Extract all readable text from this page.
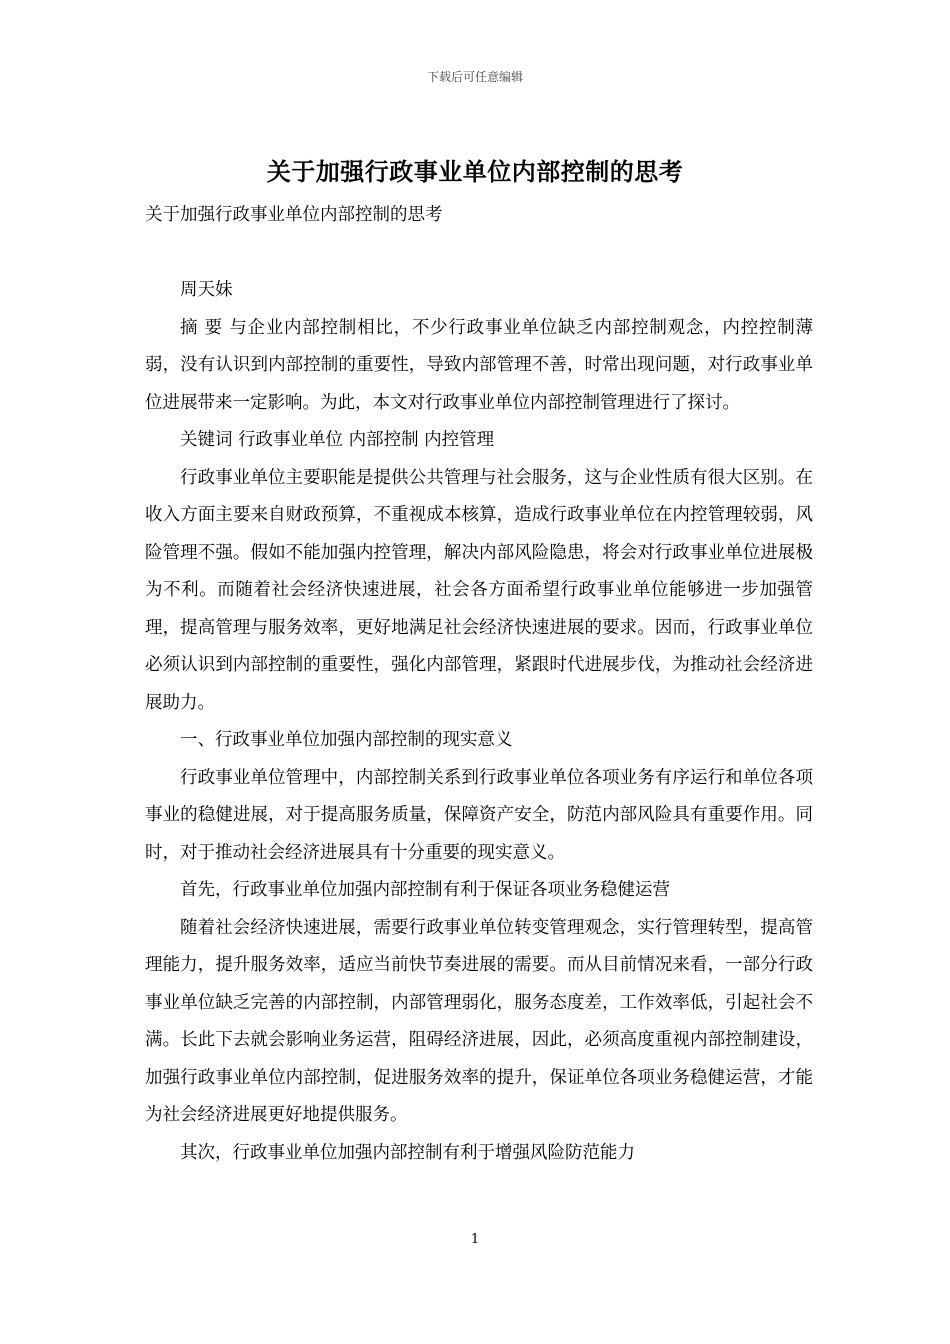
下载后可任意编辑
关于加强行政事业单位内部控制的思考

关于加强行政事业单位内部控制的思考

周天妹

摘 要 与企业内部控制相比，不少行政事业单位缺乏内部控制观念，内控控制薄弱，没有认识到内部控制的重要性，导致内部管理不善，时常出现问题，对行政事业单位进展带来一定影响。为此，本文对行政事业单位内部控制管理进行了探讨。

关键词 行政事业单位 内部控制 内控管理

行政事业单位主要职能是提供公共管理与社会服务，这与企业性质有很大区别。在收入方面主要来自财政预算，不重视成本核算，造成行政事业单位在内控管理较弱，风险管理不强。假如不能加强内控管理，解决内部风险隐患，将会对行政事业单位进展极为不利。而随着社会经济快速进展，社会各方面希望行政事业单位能够进一步加强管理，提高管理与服务效率，更好地满足社会经济快速进展的要求。因而，行政事业单位必须认识到内部控制的重要性，强化内部管理，紧跟时代进展步伐，为推动社会经济进展助力。

一、行政事业单位加强内部控制的现实意义

行政事业单位管理中，内部控制关系到行政事业单位各项业务有序运行和单位各项事业的稳健进展，对于提高服务质量，保障资产安全，防范内部风险具有重要作用。同时，对于推动社会经济进展具有十分重要的现实意义。

首先，行政事业单位加强内部控制有利于保证各项业务稳健运营

随着社会经济快速进展，需要行政事业单位转变管理观念，实行管理转型，提高管理能力，提升服务效率，适应当前快节奏进展的需要。而从目前情况来看，一部分行政事业单位缺乏完善的内部控制，内部管理弱化，服务态度差，工作效率低，引起社会不满。长此下去就会影响业务运营，阻碍经济进展，因此，必须高度重视内部控制建设，加强行政事业单位内部控制，促进服务效率的提升，保证单位各项业务稳健运营，才能为社会经济进展更好地提供服务。

其次，行政事业单位加强内部控制有利于增强风险防范能力

1
